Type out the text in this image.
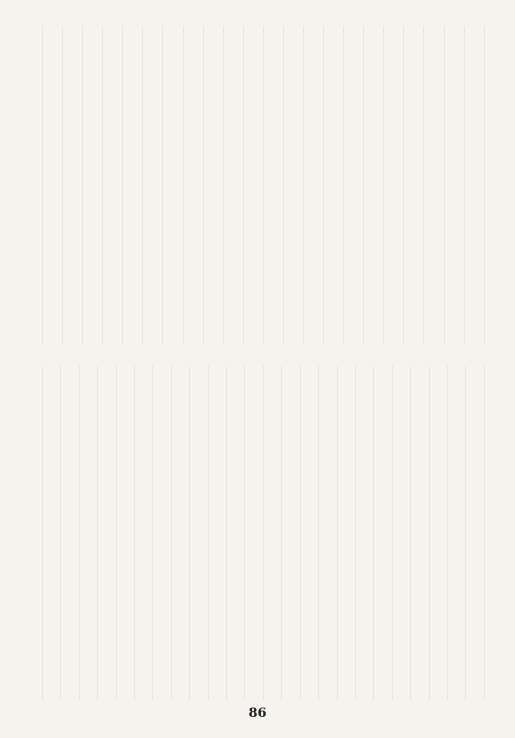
86
